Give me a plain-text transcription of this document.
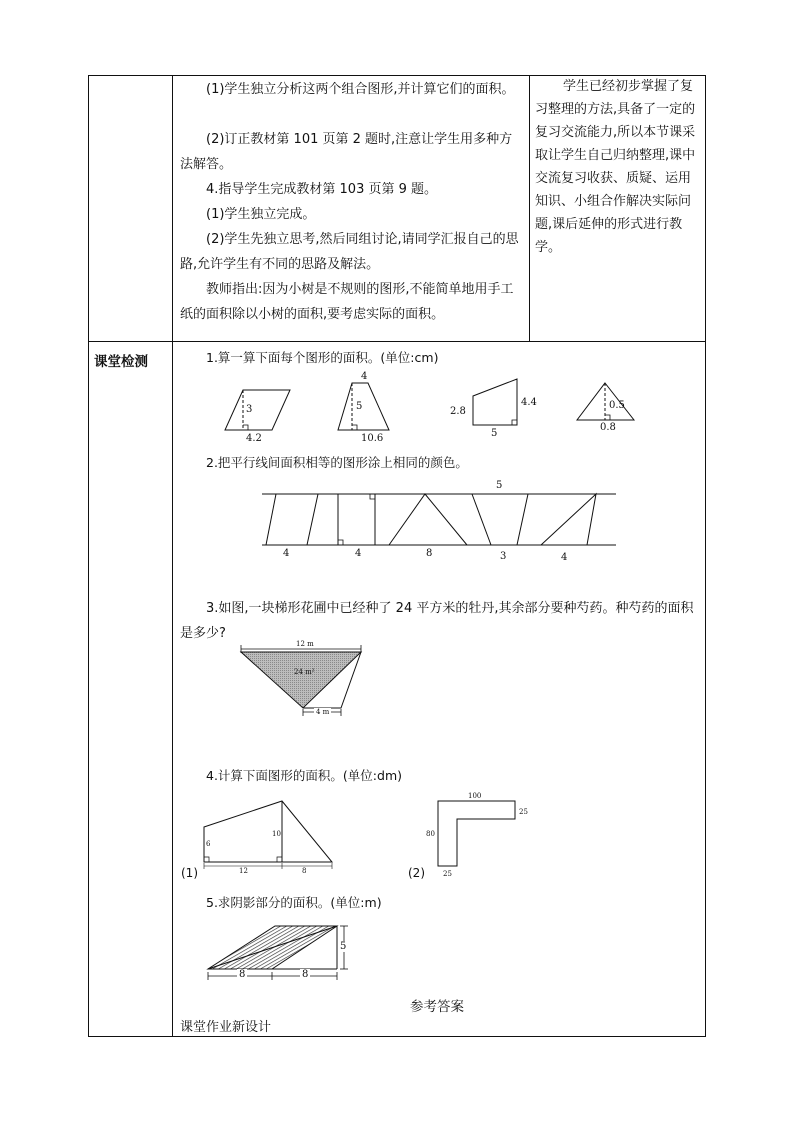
(1)学生独立分析这两个组合图形,并计算它们的面积。
(2)订正教材第 101 页第 2 题时,注意让学生用多种方法解答。
4.指导学生完成教材第 103 页第 9 题。
(1)学生独立完成。
(2)学生先独立思考,然后同组讨论,请同学汇报自己的思路,允许学生有不同的思路及解法。
教师指出:因为小树是不规则的图形,不能简单地用手工纸的面积除以小树的面积,要考虑实际的面积。
学生已经初步掌握了复习整理的方法,具备了一定的复习交流能力,所以本节课采取让学生自己归纳整理,课中交流复习收获、质疑、运用知识、小组合作解决实际问题,课后延伸的形式进行教学。
课堂检测	1.算一算下面每个图形的面积。(单位:cm)
3
4.2
4
5
10.6
2.8
4.4
5
0.5
0.8
2.把平行线间面积相等的图形涂上相同的颜色。
5
4	4	8	3	4
3.如图,一块梯形花圃中已经种了 24 平方米的牡丹,其余部分要种芍药。种芍药的面积是多少?
12 m
24 m²
4 m
4.计算下面图形的面积。(单位:dm)
6
10
12	8
(1)
100
25
80
25
(2)
5.求阴影部分的面积。(单位:m)
5
8	8
参考答案
课堂作业新设计
